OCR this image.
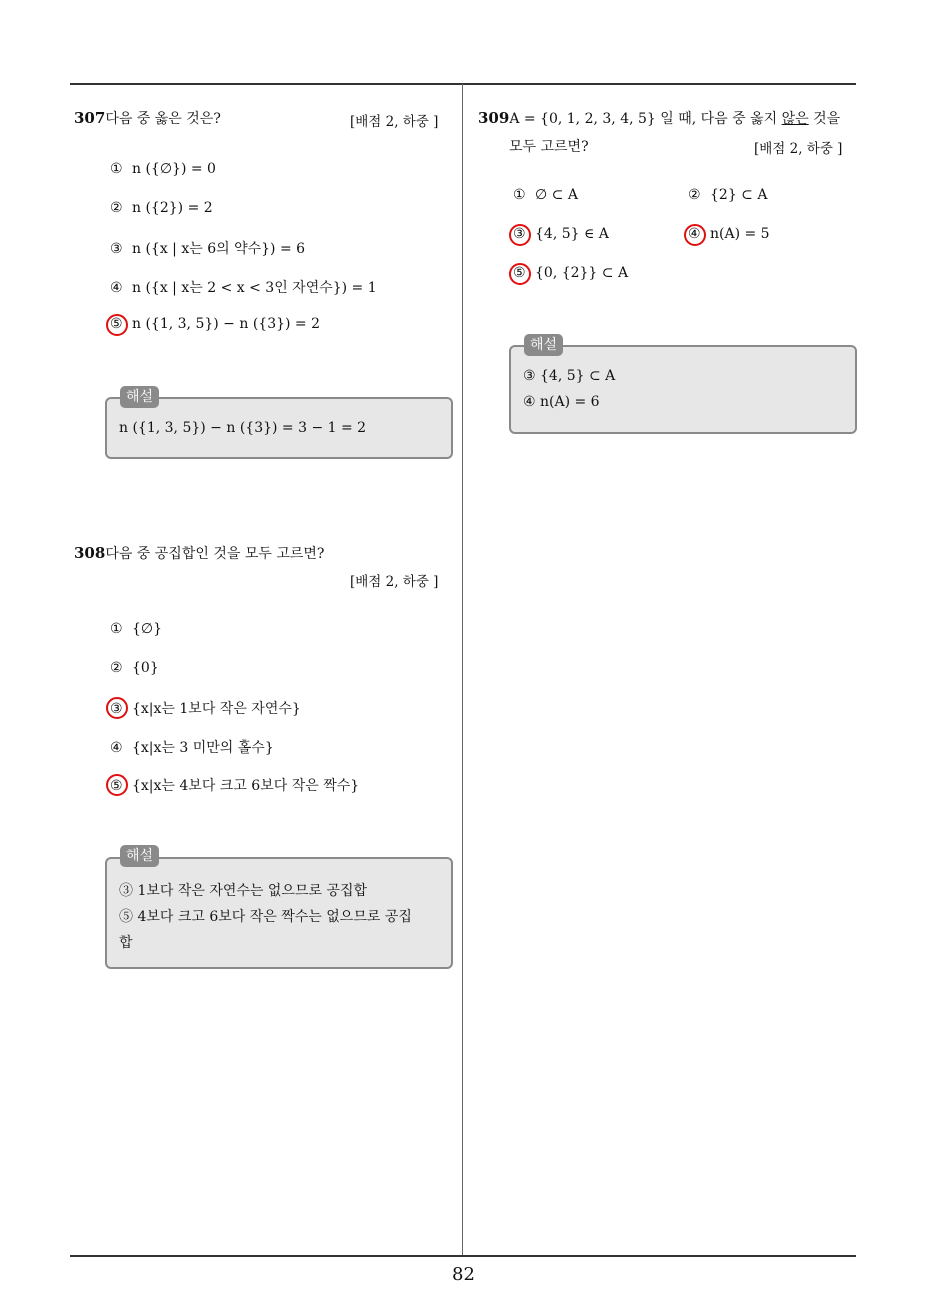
82
307다음 중 옳은 것은?	[배점 2, 하중 ]
① n ({∅}) = 0
② n ({2}) = 2
③ n ({x | x는 6의 약수}) = 6
④ n ({x | x는 2 < x < 3인 자연수}) = 1
⑤ n ({1, 3, 5}) − n ({3}) = 2
n ({1, 3, 5}) − n ({3}) = 3 − 1 = 2
해설
308다음 중 공집합인 것을 모두 고르면?
[배점 2, 하중 ]
① {∅}
② {0}
③ {x|x는 1보다 작은 자연수}
④ {x|x는 3 미만의 홀수}
⑤ {x|x는 4보다 크고 6보다 작은 짝수}
③ 1보다 작은 자연수는 없으므로 공집합
⑤ 4보다 크고 6보다 작은 짝수는 없으므로 공집
합
해설
309A = {0, 1, 2, 3, 4, 5} 일 때, 다음 중 옳지 않은 것을
모두 고르면?	[배점 2, 하중 ]
① ∅ ⊂ A	② {2} ⊂ A
③ {4, 5} ∈ A	④ n(A) = 5
⑤ {0, {2}} ⊂ A
③ {4, 5} ⊂ A
④ n(A) = 6
해설
